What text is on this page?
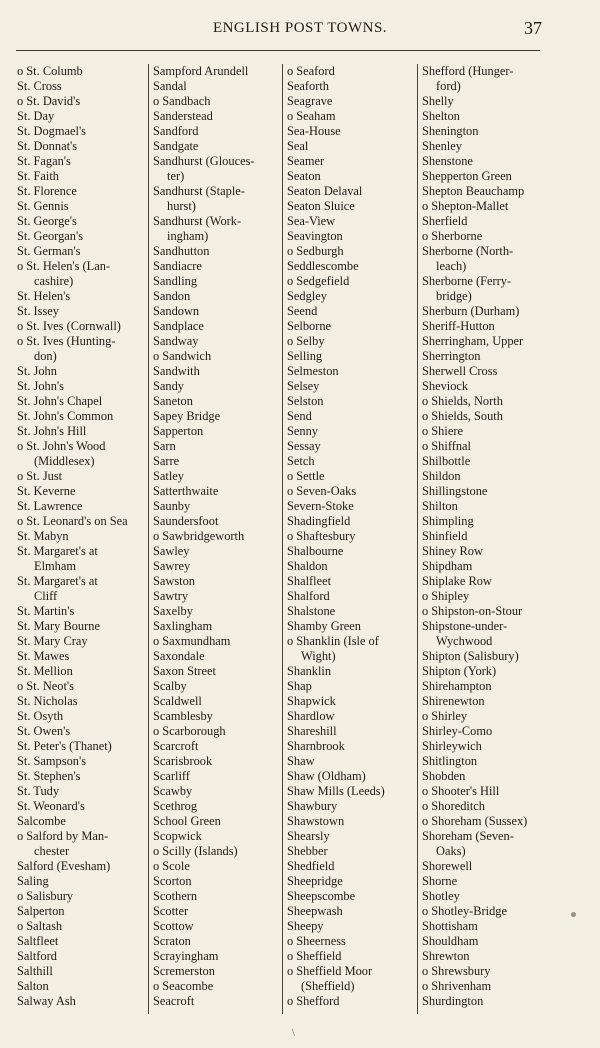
ENGLISH POST TOWNS.	37
o St. Columb
St. Cross
o St. David's
St. Day
St. Dogmael's
St. Donnat's
St. Fagan's
St. Faith
St. Florence
St. Gennis
St. George's
St. Georgan's
St. German's
o St. Helen's (Lan-
cashire)
St. Helen's
St. Issey
o St. Ives (Cornwall)
o St. Ives (Hunting-
don)
St. John
St. John's
St. John's Chapel
St. John's Common
St. John's Hill
o St. John's Wood
(Middlesex)
o St. Just
St. Keverne
St. Lawrence
o St. Leonard's on Sea
St. Mabyn
St. Margaret's at
Elmham
St. Margaret's at
Cliff
St. Martin's
St. Mary Bourne
St. Mary Cray
St. Mawes
St. Mellion
o St. Neot's
St. Nicholas
St. Osyth
St. Owen's
St. Peter's (Thanet)
St. Sampson's
St. Stephen's
St. Tudy
St. Weonard's
Salcombe
o Salford by Man-
chester
Salford (Evesham)
Saling
o Salisbury
Salperton
o Saltash
Saltfleet
Saltford
Salthill
Salton
Salway Ash
Sampford Arundell
Sandal
o Sandbach
Sanderstead
Sandford
Sandgate
Sandhurst (Glouces-
ter)
Sandhurst (Staple-
hurst)
Sandhurst (Work-
ingham)
Sandhutton
Sandiacre
Sandling
Sandon
Sandown
Sandplace
Sandway
o Sandwich
Sandwith
Sandy
Saneton
Sapey Bridge
Sapperton
Sarn
Sarre
Satley
Satterthwaite
Saunby
Saundersfoot
o Sawbridgeworth
Sawley
Sawrey
Sawston
Sawtry
Saxelby
Saxlingham
o Saxmundham
Saxondale
Saxon Street
Scalby
Scaldwell
Scamblesby
o Scarborough
Scarcroft
Scarisbrook
Scarliff
Scawby
Scethrog
School Green
Scopwick
o Scilly (Islands)
o Scole
Scorton
Scothern
Scotter
Scottow
Scraton
Scrayingham
Scremerston
o Seacombe
Seacroft
o Seaford
Seaforth
Seagrave
o Seaham
Sea-House
Seal
Seamer
Seaton
Seaton Delaval
Seaton Sluice
Sea-View
Seavington
o Sedburgh
Seddlescombe
o Sedgefield
Sedgley
Seend
Selborne
o Selby
Selling
Selmeston
Selsey
Selston
Send
Senny
Sessay
Setch
o Settle
o Seven-Oaks
Severn-Stoke
Shadingfield
o Shaftesbury
Shalbourne
Shaldon
Shalfleet
Shalford
Shalstone
Shamby Green
o Shanklin (Isle of
Wight)
Shanklin
Shap
Shapwick
Shardlow
Shareshill
Sharnbrook
Shaw
Shaw (Oldham)
Shaw Mills (Leeds)
Shawbury
Shawstown
Shearsly
Shebber
Shedfield
Sheepridge
Sheepscombe
Sheepwash
Sheepy
o Sheerness
o Sheffield
o Sheffield Moor
(Sheffield)
o Shefford
Shefford (Hunger-
ford)
Shelly
Shelton
Shenington
Shenley
Shenstone
Shepperton Green
Shepton Beauchamp
o Shepton-Mallet
Sherfield
o Sherborne
Sherborne (North-
leach)
Sherborne (Ferry-
bridge)
Sherburn (Durham)
Sheriff-Hutton
Sherringham, Upper
Sherrington
Sherwell Cross
Sheviock
o Shields, North
o Shields, South
o Shiere
o Shiffnal
Shilbottle
Shildon
Shillingstone
Shilton
Shimpling
Shinfield
Shiney Row
Shipdham
Shiplake Row
o Shipley
o Shipston-on-Stour
Shipstone-under-
Wychwood
Shipton (Salisbury)
Shipton (York)
Shirehampton
Shirenewton
o Shirley
Shirley-Como
Shirleywich
Shitlington
Shobden
o Shooter's Hill
o Shoreditch
o Shoreham (Sussex)
Shoreham (Seven-
Oaks)
Shorewell
Shorne
Shotley
o Shotley-Bridge
Shottisham
Shouldham
Shrewton
o Shrewsbury
o Shrivenham
Shurdington
\
